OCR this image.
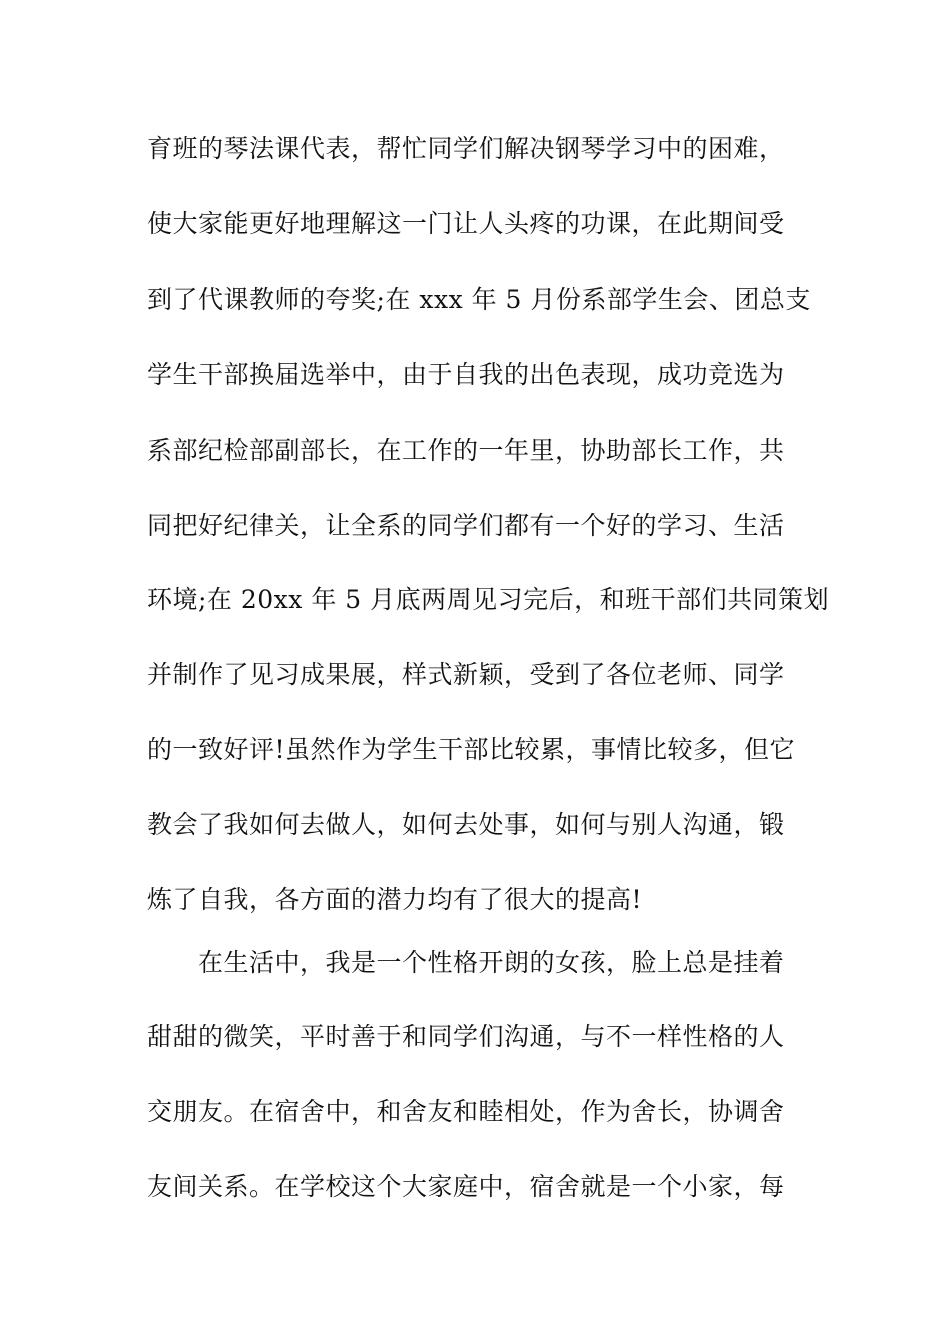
育班的琴法课代表，帮忙同学们解决钢琴学习中的困难，
使大家能更好地理解这一门让人头疼的功课，在此期间受
到了代课教师的夸奖;在 xxx 年 5 月份系部学生会、团总支
学生干部换届选举中，由于自我的出色表现，成功竞选为
系部纪检部副部长，在工作的一年里，协助部长工作，共
同把好纪律关，让全系的同学们都有一个好的学习、生活
环境;在 20xx 年 5 月底两周见习完后，和班干部们共同策划
并制作了见习成果展，样式新颖，受到了各位老师、同学
的一致好评!虽然作为学生干部比较累，事情比较多，但它
教会了我如何去做人，如何去处事，如何与别人沟通，锻
炼了自我，各方面的潜力均有了很大的提高!
在生活中，我是一个性格开朗的女孩，脸上总是挂着
甜甜的微笑，平时善于和同学们沟通，与不一样性格的人
交朋友。在宿舍中，和舍友和睦相处，作为舍长，协调舍
友间关系。在学校这个大家庭中，宿舍就是一个小家，每
